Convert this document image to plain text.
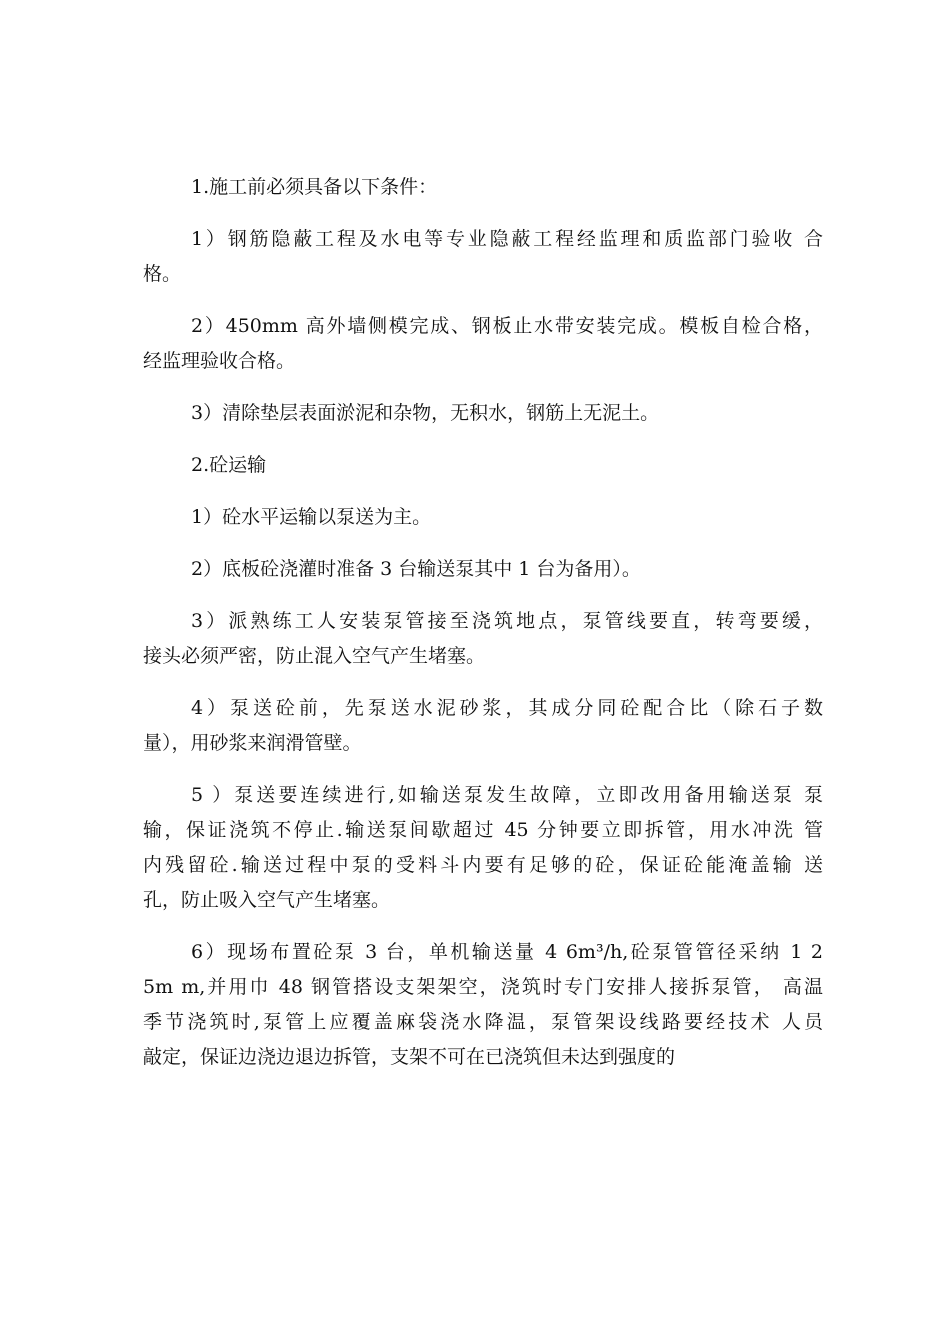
1.施工前必须具备以下条件：

1）钢筋隐蔽工程及水电等专业隐蔽工程经监理和质监部门验收 合
格。

2）450mm 高外墙侧模完成、钢板止水带安装完成。模板自检合格，
经监理验收合格。

3）清除垫层表面淤泥和杂物，无积水，钢筋上无泥土。

2.砼运输

1）砼水平运输以泵送为主。

2）底板砼浇灌时准备 3 台输送泵其中 1 台为备用）。

3）派熟练工人安装泵管接至浇筑地点，泵管线要直，转弯要缓，
接头必须严密，防止混入空气产生堵塞。

4）泵送砼前，先泵送水泥砂浆，其成分同砼配合比（除石子数
量），用砂浆来润滑管壁。

5 ）泵送要连续进行,如输送泵发生故障，立即改用备用输送泵 泵
输，保证浇筑不停止.输送泵间歇超过 45 分钟要立即拆管，用水冲洗 管
内残留砼.输送过程中泵的受料斗内要有足够的砼，保证砼能淹盖输 送
孔，防止吸入空气产生堵塞。

6）现场布置砼泵 3 台，单机输送量 4 6m³/h,砼泵管管径采纳 1 2
5m m,并用巾 48 钢管搭设支架架空，浇筑时专门安排人接拆泵管， 高温
季节浇筑时,泵管上应覆盖麻袋浇水降温，泵管架设线路要经技术 人员
敲定，保证边浇边退边拆管，支架不可在已浇筑但未达到强度的
